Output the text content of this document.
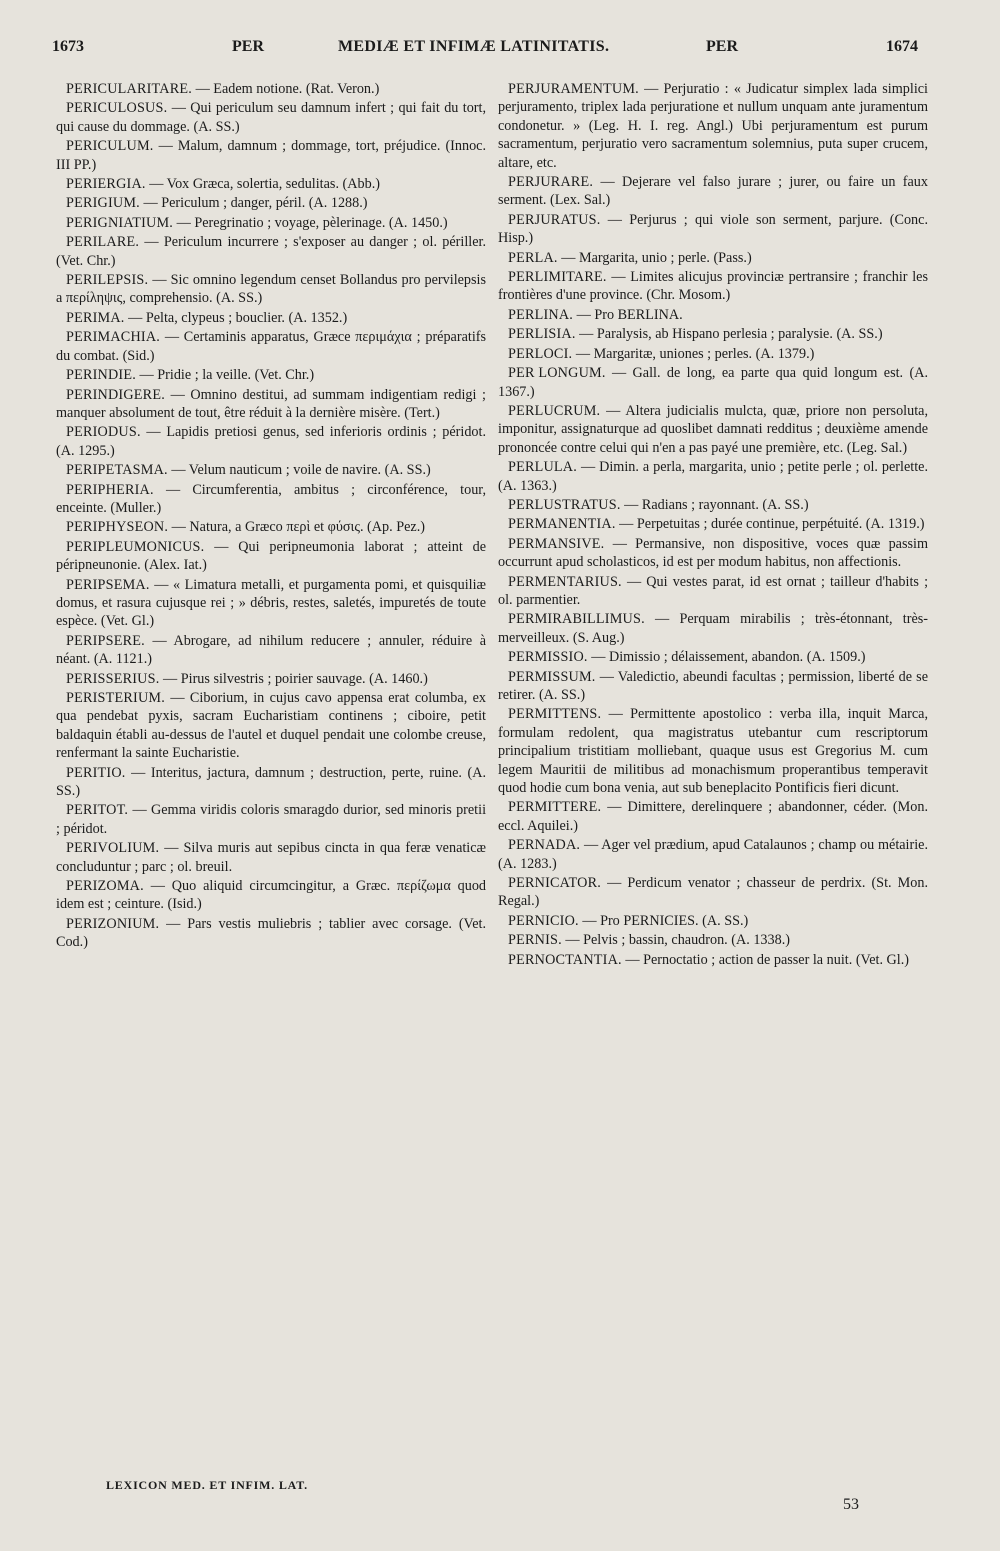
1673	PER	MEDIÆ ET INFIMÆ LATINITATIS.	PER	1674
PERICULARITARE. — Eadem notione. (Rat. Veron.)
PERICULOSUS. — Qui periculum seu damnum infert ; qui fait du tort, qui cause du dommage. (A. SS.)
PERICULUM. — Malum, damnum ; dommage, tort, préjudice. (Innoc. III PP.)
PERIERGIA. — Vox Græca, solertia, sedulitas. (Abb.)
PERIGIUM. — Periculum ; danger, péril. (A. 1288.)
PERIGNIATIUM. — Peregrinatio ; voyage, pèlerinage. (A. 1450.)
PERILARE. — Periculum incurrere ; s'exposer au danger ; ol. périller. (Vet. Chr.)
PERILEPSIS. — Sic omnino legendum censet Bollandus pro pervilepsis a περίληψις, comprehensio. (A. SS.)
PERIMA. — Pelta, clypeus ; bouclier. (A. 1352.)
PERIMACHIA. — Certaminis apparatus, Græce περιμάχια ; préparatifs du combat. (Sid.)
PERINDIE. — Pridie ; la veille. (Vet. Chr.)
PERINDIGERE. — Omnino destitui, ad summam indigentiam redigi ; manquer absolument de tout, être réduit à la dernière misère. (Tert.)
PERIODUS. — Lapidis pretiosi genus, sed inferioris ordinis ; péridot. (A. 1295.)
PERIPETASMA. — Velum nauticum ; voile de navire. (A. SS.)
PERIPHERIA. — Circumferentia, ambitus ; circonférence, tour, enceinte. (Muller.)
PERIPHYSEON. — Natura, a Græco περὶ et φύσις. (Ap. Pez.)
PERIPLEUMONICUS. — Qui peripneumonia laborat ; atteint de péripneunonie. (Alex. Iat.)
PERIPSEMA. — « Limatura metalli, et purgamenta pomi, et quisquiliæ domus, et rasura cujusque rei ; » débris, restes, saletés, impuretés de toute espèce. (Vet. Gl.)
PERIPSERE. — Abrogare, ad nihilum reducere ; annuler, réduire à néant. (A. 1121.)
PERISSERIUS. — Pirus silvestris ; poirier sauvage. (A. 1460.)
PERISTERIUM. — Ciborium, in cujus cavo appensa erat columba, ex qua pendebat pyxis, sacram Eucharistiam continens ; ciboire, petit baldaquin établi au-dessus de l'autel et duquel pendait une colombe creuse, renfermant la sainte Eucharistie.
PERITIO. — Interitus, jactura, damnum ; destruction, perte, ruine. (A. SS.)
PERITOT. — Gemma viridis coloris smaragdo durior, sed minoris pretii ; péridot.
PERIVOLIUM. — Silva muris aut sepibus cincta in qua feræ venaticæ concluduntur ; parc ; ol. breuil.
PERIZOMA. — Quo aliquid circumcingitur, a Græc. περίζωμα quod idem est ; ceinture. (Isid.)
PERIZONIUM. — Pars vestis muliebris ; tablier avec corsage. (Vet. Cod.)
PERJURAMENTUM. — Perjuratio : « Judicatur simplex lada simplici perjuramento, triplex lada perjuratione et nullum unquam ante juramentum condonetur. » (Leg. H. I. reg. Angl.) Ubi perjuramentum est purum sacramentum, perjuratio vero sacramentum solemnius, puta super crucem, altare, etc.
PERJURARE. — Dejerare vel falso jurare ; jurer, ou faire un faux serment. (Lex. Sal.)
PERJURATUS. — Perjurus ; qui viole son serment, parjure. (Conc. Hisp.)
PERLA. — Margarita, unio ; perle. (Pass.)
PERLIMITARE. — Limites alicujus provinciæ pertransire ; franchir les frontières d'une province. (Chr. Mosom.)
PERLINA. — Pro BERLINA.
PERLISIA. — Paralysis, ab Hispano perlesia ; paralysie. (A. SS.)
PERLOCI. — Margaritæ, uniones ; perles. (A. 1379.)
PER LONGUM. — Gall. de long, ea parte qua quid longum est. (A. 1367.)
PERLUCRUM. — Altera judicialis mulcta, quæ, priore non persoluta, imponitur, assignaturque ad quoslibet damnati redditus ; deuxième amende prononcée contre celui qui n'en a pas payé une première, etc. (Leg. Sal.)
PERLULA. — Dimin. a perla, margarita, unio ; petite perle ; ol. perlette. (A. 1363.)
PERLUSTRATUS. — Radians ; rayonnant. (A. SS.)
PERMANENTIA. — Perpetuitas ; durée continue, perpétuité. (A. 1319.)
PERMANSIVE. — Permansive, non dispositive, voces quæ passim occurrunt apud scholasticos, id est per modum habitus, non affectionis.
PERMENTARIUS. — Qui vestes parat, id est ornat ; tailleur d'habits ; ol. parmentier.
PERMIRABILLIMUS. — Perquam mirabilis ; très-étonnant, très-merveilleux. (S. Aug.)
PERMISSIO. — Dimissio ; délaissement, abandon. (A. 1509.)
PERMISSUM. — Valedictio, abeundi facultas ; permission, liberté de se retirer. (A. SS.)
PERMITTENS. — Permittente apostolico : verba illa, inquit Marca, formulam redolent, qua magistratus utebantur cum rescriptorum principalium tristitiam molliebant, quaque usus est Gregorius M. cum legem Mauritii de militibus ad monachismum properantibus temperavit quod hodie cum bona venia, aut sub beneplacito Pontificis fieri dicunt.
PERMITTERE. — Dimittere, derelinquere ; abandonner, céder. (Mon. eccl. Aquilei.)
PERNADA. — Ager vel prædium, apud Catalaunos ; champ ou métairie. (A. 1283.)
PERNICATOR. — Perdicum venator ; chasseur de perdrix. (St. Mon. Regal.)
PERNICIO. — Pro PERNICIES. (A. SS.)
PERNIS. — Pelvis ; bassin, chaudron. (A. 1338.)
PERNOCTANTIA. — Pernoctatio ; action de passer la nuit. (Vet. Gl.)
LEXICON MED. ET INFIM. LAT.
53
